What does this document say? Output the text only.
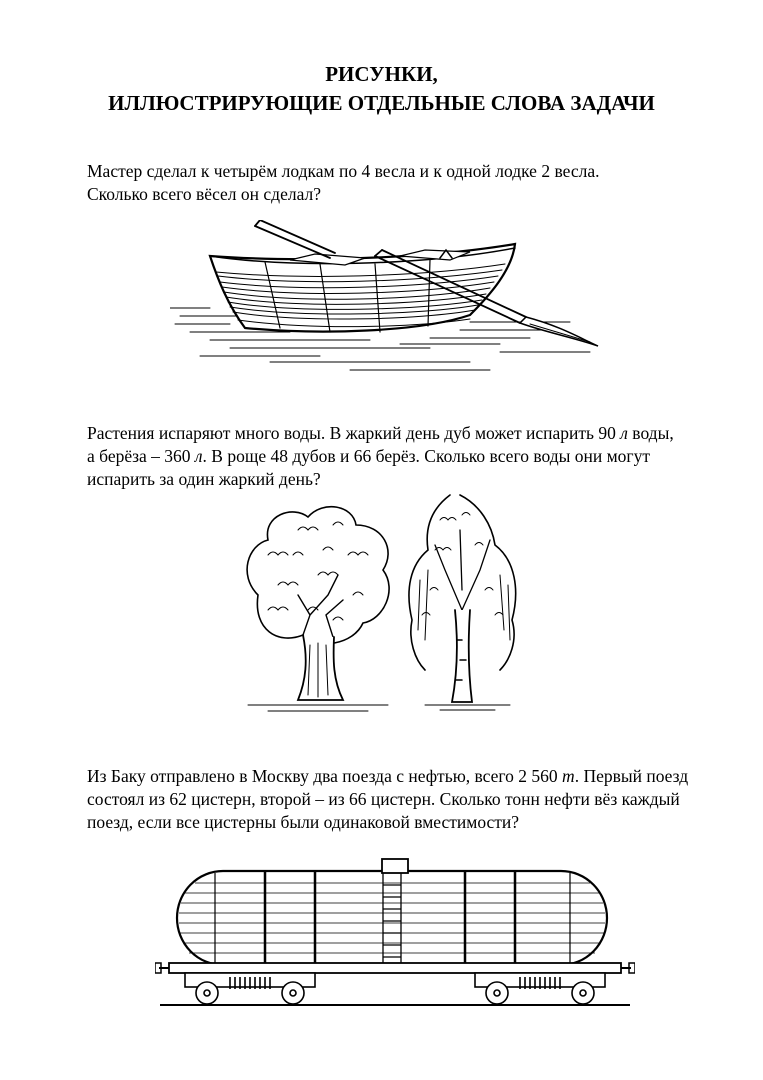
РИСУНКИ,
ИЛЛЮСТРИРУЮЩИЕ ОТДЕЛЬНЫЕ СЛОВА ЗАДАЧИ
Мастер сделал к четырём лодкам по 4 весла и к одной лодке 2 весла.
Сколько всего вёсел он сделал?
Растения испаряют много воды. В жаркий день дуб может испарить 90 л воды,
а берёза – 360 л. В роще 48 дубов и 66 берёз. Сколько всего воды они могут
испарить за один жаркий день?
Из Баку отправлено в Москву два поезда с нефтью, всего 2 560 т. Первый поезд
состоял из 62 цистерн, второй – из 66 цистерн. Сколько тонн нефти вёз каждый
поезд, если все цистерны были одинаковой вместимости?
